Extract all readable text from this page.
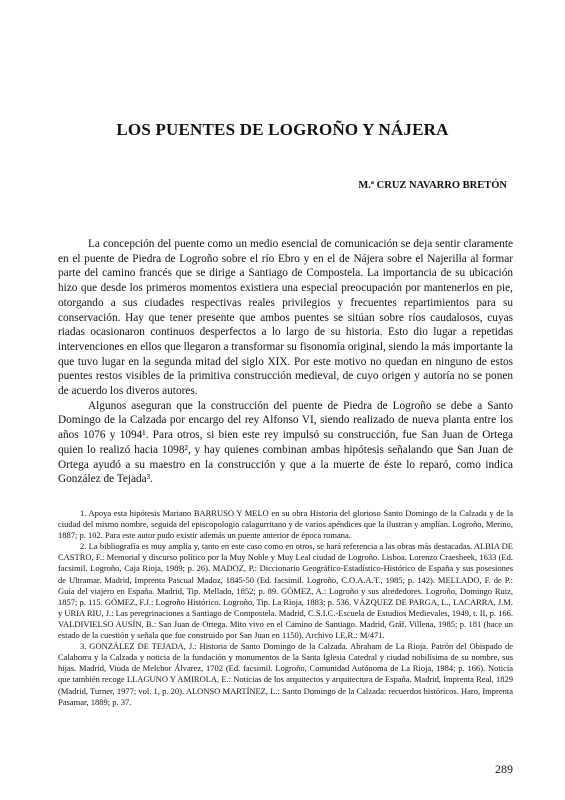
LOS PUENTES DE LOGROÑO Y NÁJERA

M.ª CRUZ NAVARRO BRETÓN

La concepción del puente como un medio esencial de comunicación se deja sentir claramente en el puente de Piedra de Logroño sobre el río Ebro y en el de Nájera sobre el Najerilla al formar parte del camino francés que se dirige a Santiago de Compostela. La importancia de su ubicación hizo que desde los primeros momentos existiera una especial preocupación por mantenerlos en pie, otorgando a sus ciudades respectivas reales privilegios y frecuentes repartimientos para su conservación. Hay que tener presente que ambos puentes se sitúan sobre ríos caudalosos, cuyas riadas ocasionaron continuos desperfectos a lo largo de su historia. Esto dio lugar a repetidas intervenciones en ellos que llegaron a transformar su fisonomía original, siendo la más importante la que tuvo lugar en la segunda mitad del siglo XIX. Por este motivo no quedan en ninguno de estos puentes restos visibles de la primitiva construcción medieval, de cuyo origen y autoría no se ponen de acuerdo los diveros autores.

Algunos aseguran que la construcción del puente de Piedra de Logroño se debe a Santo Domingo de la Calzada por encargo del rey Alfonso VI, siendo realizado de nueva planta entre los años 1076 y 1094¹. Para otros, si bien este rey impulsó su construcción, fue San Juan de Ortega quien lo realizó hacia 1098², y hay quienes combinan ambas hipótesis señalando que San Juan de Ortega ayudó a su maestro en la construcción y que a la muerte de éste lo reparó, como indica González de Tejada³.

1. Apoya esta hipótesis Mariano BARRUSO Y MELO en su obra Historia del glorioso Santo Domingo de la Calzada y de la ciudad del mismo nombre, seguida del episcopologio calagurritano y de varios apéndices que la ilustran y amplían. Logroño, Merino, 1887; p. 102. Para este autor pudo existir además un puente anterior de época romana.

2. La bibliografía es muy amplia y, tanto en este caso como en otros, se hará referencia a las obras más destacadas. ALBIA DE CASTRO, F.: Memorial y discurso político por la Muy Noble y Muy Leal ciudad de Logroño. Lisboa. Lorenzo Craesbeek, 1633 (Ed. facsimil. Logroño, Caja Rioja, 1989; p. 26). MADOZ, P.: Diccionario Geográfico-Estadístico-Histórico de España y sus posesiones de Ultramar. Madrid, Imprenta Pascual Madoz, 1845-50 (Ed. facsimil. Logroño, C.O.A.A.T., 1985; p. 142). MELLADO, F. de P.: Guía del viajero en España. Madrid, Tip. Mellado, 1852; p. 89. GÓMEZ, A.: Logroño y sus alrededores. Logroño, Domingo Ruiz, 1857; p. 115. GÓMEZ, F.J.: Logroño Histórico. Logroño, Tip. La Rioja, 1883; p. 536. VÁZQUEZ DE PARGA, L., LACARRA, J.M. y URIA RIU, J.: Las peregrinaciones a Santiago de Compostela. Madrid, C.S.I.C.-Escuela de Estudios Medievales, 1949, t. II, p. 166. VALDIVIELSO AUSÍN, B.: San Juan de Ortega. Mito vivo en el Camino de Santiago. Madrid, Gráf. Villena, 1985; p. 181 (hace un estado de la cuestión y señala que fue construido por San Juan en 1150). Archivo I.E.R.: M/471.

3. GONZÁLEZ DE TEJADA, J.: Historia de Santo Domingo de la Calzada. Abraham de La Rioja. Patrón del Obispado de Calahorra y la Calzada y noticia de la fundación y monumentos de la Santa Iglesia Catedral y ciudad nobilísima de su nombre, sus hijas. Madrid, Viuda de Melchor Álvarez, 1702 (Ed. facsimil. Logroño, Comunidad Autónoma de La Rioja, 1984; p. 166). Noticia que también recoge LLAGUNO Y AMIROLA, E.: Noticias de los arquitectos y arquitectura de España. Madrid, Imprenta Real, 1829 (Madrid, Turner, 1977; vol. 1, p. 20). ALONSO MARTÍNEZ, L.: Santo Domingo de la Calzada: recuerdos históricos. Haro, Imprenta Pasamar, 1889; p. 37.

289
